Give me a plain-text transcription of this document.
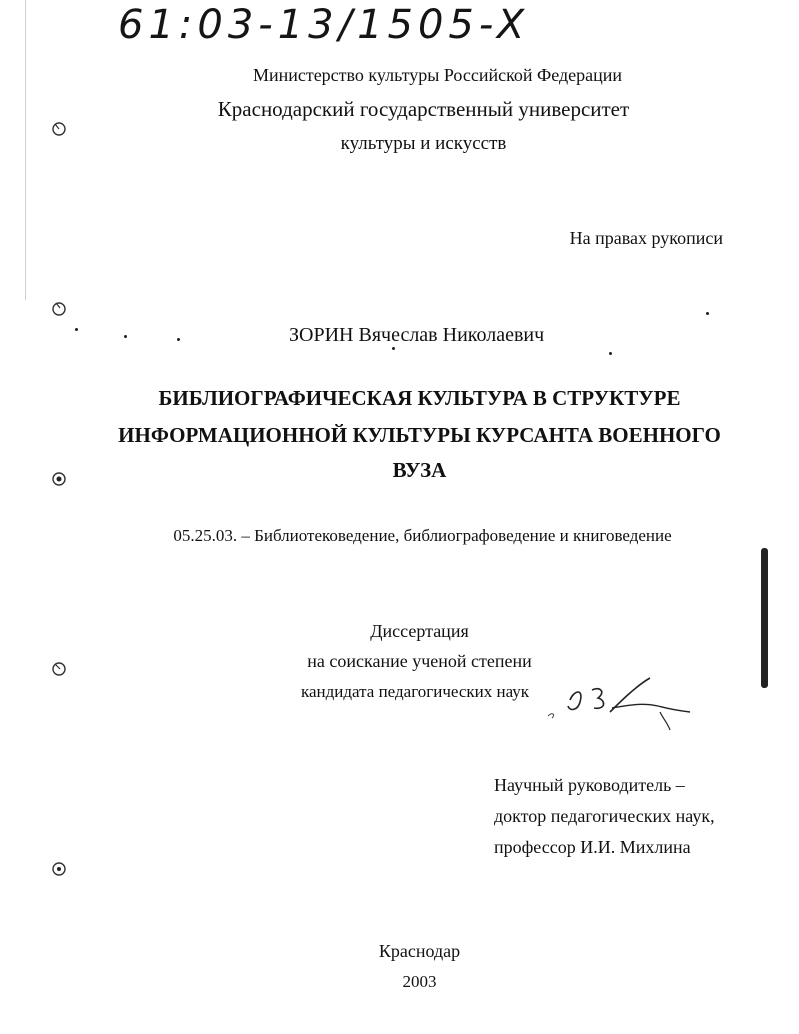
61:03-13/1505-X
Министерство культуры Российской Федерации
Краснодарский государственный университет
культуры и искусств
На правах рукописи
ЗОРИН Вячеслав Николаевич
БИБЛИОГРАФИЧЕСКАЯ КУЛЬТУРА В СТРУКТУРЕ
ИНФОРМАЦИОННОЙ КУЛЬТУРЫ КУРСАНТА ВОЕННОГО
ВУЗА
05.25.03. – Библиотековедение, библиографоведение и книговедение
Диссертация
на соискание ученой степени
кандидата педагогических наук
Научный руководитель –
доктор педагогических наук,
профессор И.И. Михлина
Краснодар
2003
